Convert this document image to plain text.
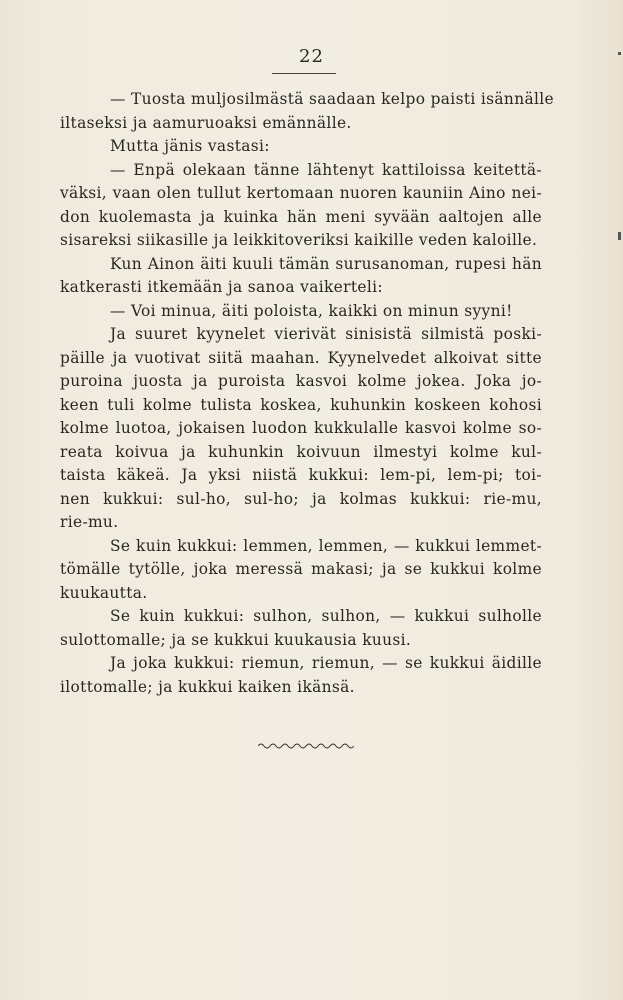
22
— Tuosta muljosilmästä saadaan kelpo paisti isännälle
iltaseksi ja aamuruoaksi emännälle.
Mutta jänis vastasi:
— Enpä olekaan tänne lähtenyt kattiloissa keitettä-
väksi, vaan olen tullut kertomaan nuoren kauniin Aino nei-
don kuolemasta ja kuinka hän meni syvään aaltojen alle
sisareksi siikasille ja leikkitoveriksi kaikille veden kaloille.
Kun Ainon äiti kuuli tämän surusanoman, rupesi hän
katkerasti itkemään ja sanoa vaikerteli:
— Voi minua, äiti poloista, kaikki on minun syyni!
Ja suuret kyynelet vierivät sinisistä silmistä poski-
päille ja vuotivat siitä maahan. Kyynelvedet alkoivat sitte
puroina juosta ja puroista kasvoi kolme jokea. Joka jo-
keen tuli kolme tulista koskea, kuhunkin koskeen kohosi
kolme luotoa, jokaisen luodon kukkulalle kasvoi kolme so-
reata koivua ja kuhunkin koivuun ilmestyi kolme kul-
taista käkeä. Ja yksi niistä kukkui: lem-pi, lem-pi; toi-
nen kukkui: sul-ho, sul-ho; ja kolmas kukkui: rie-mu,
rie-mu.
Se kuin kukkui: lemmen, lemmen, — kukkui lemmet-
tömälle tytölle, joka meressä makasi; ja se kukkui kolme
kuukautta.
Se kuin kukkui: sulhon, sulhon, — kukkui sulholle
sulottomalle; ja se kukkui kuukausia kuusi.
Ja joka kukkui: riemun, riemun, — se kukkui äidille
ilottomalle; ja kukkui kaiken ikänsä.
